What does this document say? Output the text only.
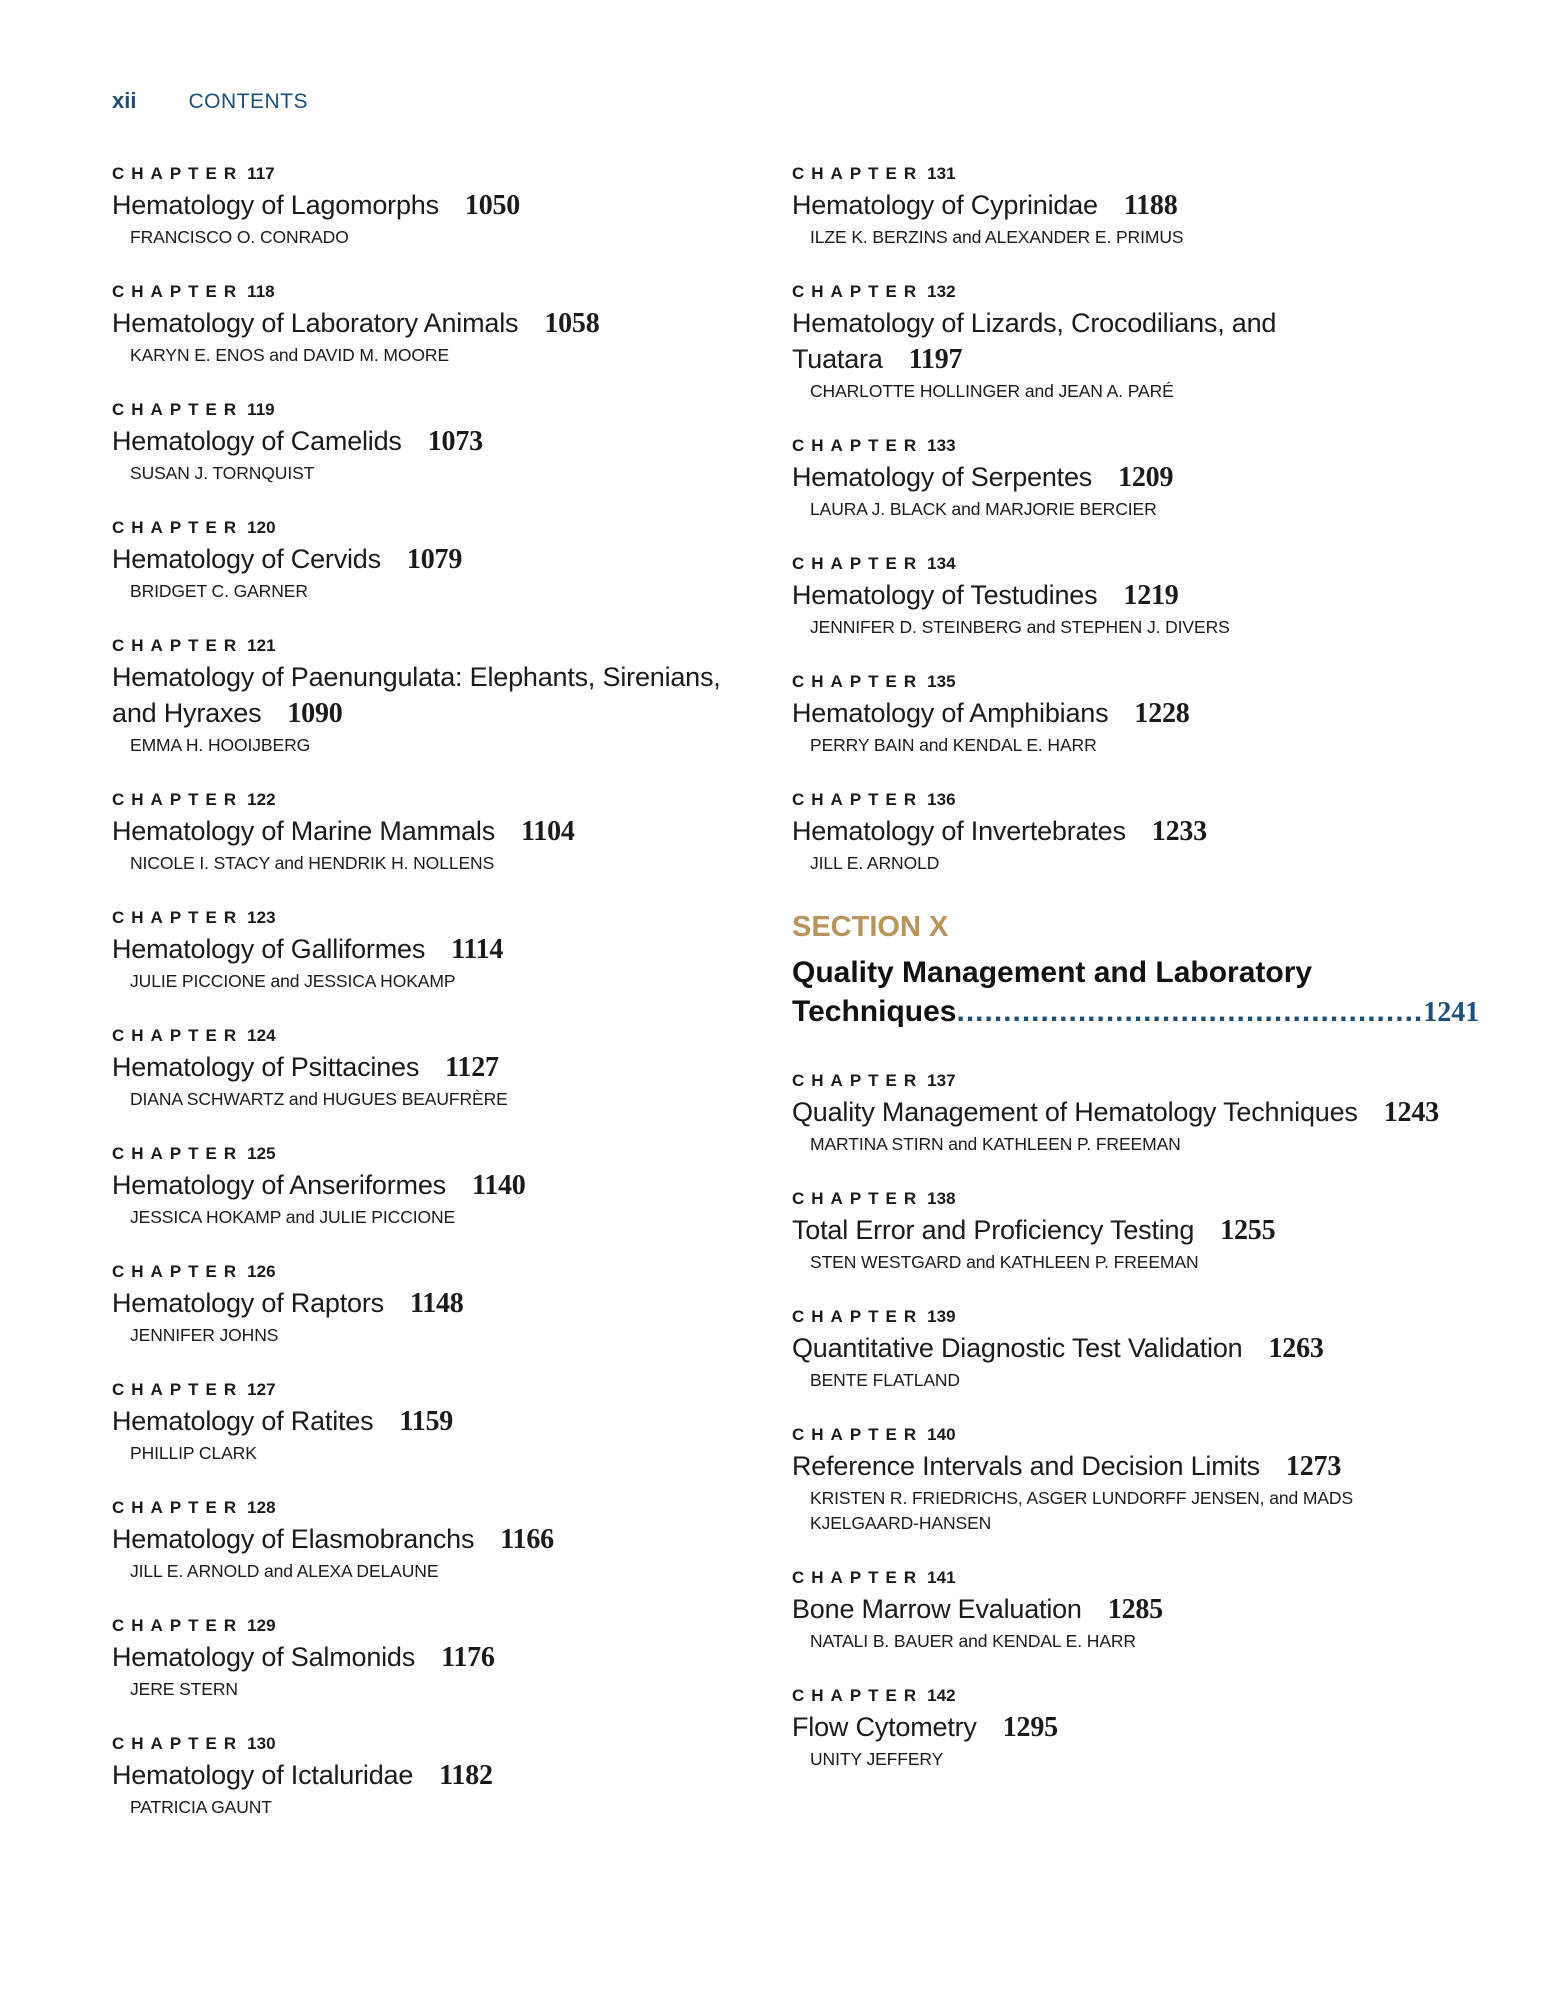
xii CONTENTS
CHAPTER 117
Hematology of Lagomorphs 1050
FRANCISCO O. CONRADO
CHAPTER 118
Hematology of Laboratory Animals 1058
KARYN E. ENOS and DAVID M. MOORE
CHAPTER 119
Hematology of Camelids 1073
SUSAN J. TORNQUIST
CHAPTER 120
Hematology of Cervids 1079
BRIDGET C. GARNER
CHAPTER 121
Hematology of Paenungulata: Elephants, Sirenians, and Hyraxes 1090
EMMA H. HOOIJBERG
CHAPTER 122
Hematology of Marine Mammals 1104
NICOLE I. STACY and HENDRIK H. NOLLENS
CHAPTER 123
Hematology of Galliformes 1114
JULIE PICCIONE and JESSICA HOKAMP
CHAPTER 124
Hematology of Psittacines 1127
DIANA SCHWARTZ and HUGUES BEAUFRÈRE
CHAPTER 125
Hematology of Anseriformes 1140
JESSICA HOKAMP and JULIE PICCIONE
CHAPTER 126
Hematology of Raptors 1148
JENNIFER JOHNS
CHAPTER 127
Hematology of Ratites 1159
PHILLIP CLARK
CHAPTER 128
Hematology of Elasmobranchs 1166
JILL E. ARNOLD and ALEXA DELAUNE
CHAPTER 129
Hematology of Salmonids 1176
JERE STERN
CHAPTER 130
Hematology of Ictaluridae 1182
PATRICIA GAUNT
CHAPTER 131
Hematology of Cyprinidae 1188
ILZE K. BERZINS and ALEXANDER E. PRIMUS
CHAPTER 132
Hematology of Lizards, Crocodilians, and Tuatara 1197
CHARLOTTE HOLLINGER and JEAN A. PARÉ
CHAPTER 133
Hematology of Serpentes 1209
LAURA J. BLACK and MARJORIE BERCIER
CHAPTER 134
Hematology of Testudines 1219
JENNIFER D. STEINBERG and STEPHEN J. DIVERS
CHAPTER 135
Hematology of Amphibians 1228
PERRY BAIN and KENDAL E. HARR
CHAPTER 136
Hematology of Invertebrates 1233
JILL E. ARNOLD
SECTION X
Quality Management and Laboratory Techniques..................................................1241
CHAPTER 137
Quality Management of Hematology Techniques 1243
MARTINA STIRN and KATHLEEN P. FREEMAN
CHAPTER 138
Total Error and Proficiency Testing 1255
STEN WESTGARD and KATHLEEN P. FREEMAN
CHAPTER 139
Quantitative Diagnostic Test Validation 1263
BENTE FLATLAND
CHAPTER 140
Reference Intervals and Decision Limits 1273
KRISTEN R. FRIEDRICHS, ASGER LUNDORFF JENSEN, and MADS KJELGAARD-HANSEN
CHAPTER 141
Bone Marrow Evaluation 1285
NATALI B. BAUER and KENDAL E. HARR
CHAPTER 142
Flow Cytometry 1295
UNITY JEFFERY
